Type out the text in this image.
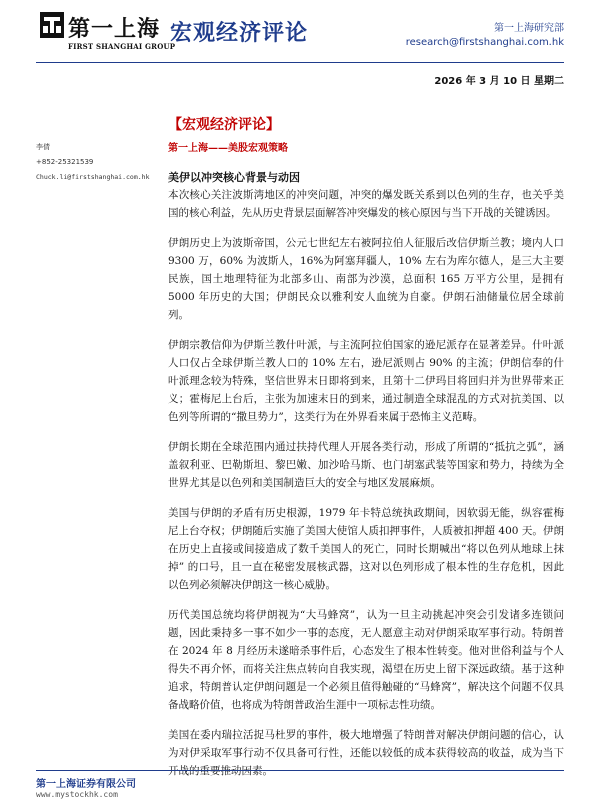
第一上海
FIRST SHANGHAI GROUP
宏观经济评论	第一上海研究部
research@firstshanghai.com.hk
2026 年 3 月 10 日 星期二
李倩
+852-25321539
Chuck.li@firstshanghai.com.hk
【宏观经济评论】
第一上海——美股宏观策略
美伊以冲突核心背景与动因

本次核心关注波斯湾地区的冲突问题，冲突的爆发既关系到以色列的生存，也关乎美国的核心利益，先从历史背景层面解答冲突爆发的核心原因与当下开战的关键诱因。

伊朗历史上为波斯帝国，公元七世纪左右被阿拉伯人征服后改信伊斯兰教；境内人口 9300 万，60% 为波斯人，16%为阿塞拜疆人，10% 左右为库尔德人，是三大主要民族，国土地理特征为北部多山、南部为沙漠，总面积 165 万平方公里，是拥有 5000 年历史的大国；伊朗民众以雅利安人血统为自豪。伊朗石油储量位居全球前列。

伊朗宗教信仰为伊斯兰教什叶派，与主流阿拉伯国家的逊尼派存在显著差异。什叶派人口仅占全球伊斯兰教人口的 10% 左右，逊尼派则占 90% 的主流；伊朗信奉的什叶派理念较为特殊，坚信世界末日即将到来，且第十二伊玛目将回归并为世界带来正义；霍梅尼上台后，主张为加速末日的到来，通过制造全球混乱的方式对抗美国、以色列等所谓的“撒旦势力”，这类行为在外界看来属于恐怖主义范畴。

伊朗长期在全球范围内通过扶持代理人开展各类行动，形成了所谓的“抵抗之弧”，涵盖叙利亚、巴勒斯坦、黎巴嫩、加沙哈马斯、也门胡塞武装等国家和势力，持续为全世界尤其是以色列和美国制造巨大的安全与地区发展麻烦。

美国与伊朗的矛盾有历史根源，1979 年卡特总统执政期间，因软弱无能，纵容霍梅尼上台夺权；伊朗随后实施了美国大使馆人质扣押事件，人质被扣押超 400 天。伊朗在历史上直接或间接造成了数千美国人的死亡，同时长期喊出“将以色列从地球上抹掉” 的口号，且一直在秘密发展核武器，这对以色列形成了根本性的生存危机，因此以色列必须解决伊朗这一核心威胁。

历代美国总统均将伊朗视为“大马蜂窝”，认为一旦主动挑起冲突会引发诸多连锁问题，因此秉持多一事不如少一事的态度，无人愿意主动对伊朗采取军事行动。特朗普在 2024 年 8 月经历未遂暗杀事件后，心态发生了根本性转变。他对世俗利益与个人得失不再介怀，而将关注焦点转向自我实现，渴望在历史上留下深远政绩。基于这种追求，特朗普认定伊朗问题是一个必须且值得触碰的“马蜂窝”，解决这个问题不仅具备战略价值，也将成为特朗普政治生涯中一项标志性功绩。

美国在委内瑞拉活捉马杜罗的事件，极大地增强了特朗普对解决伊朗问题的信心，认为对伊采取军事行动不仅具备可行性，还能以较低的成本获得较高的收益，成为当下开战的重要推动因素。

第一上海证券有限公司
www.mystockhk.com
